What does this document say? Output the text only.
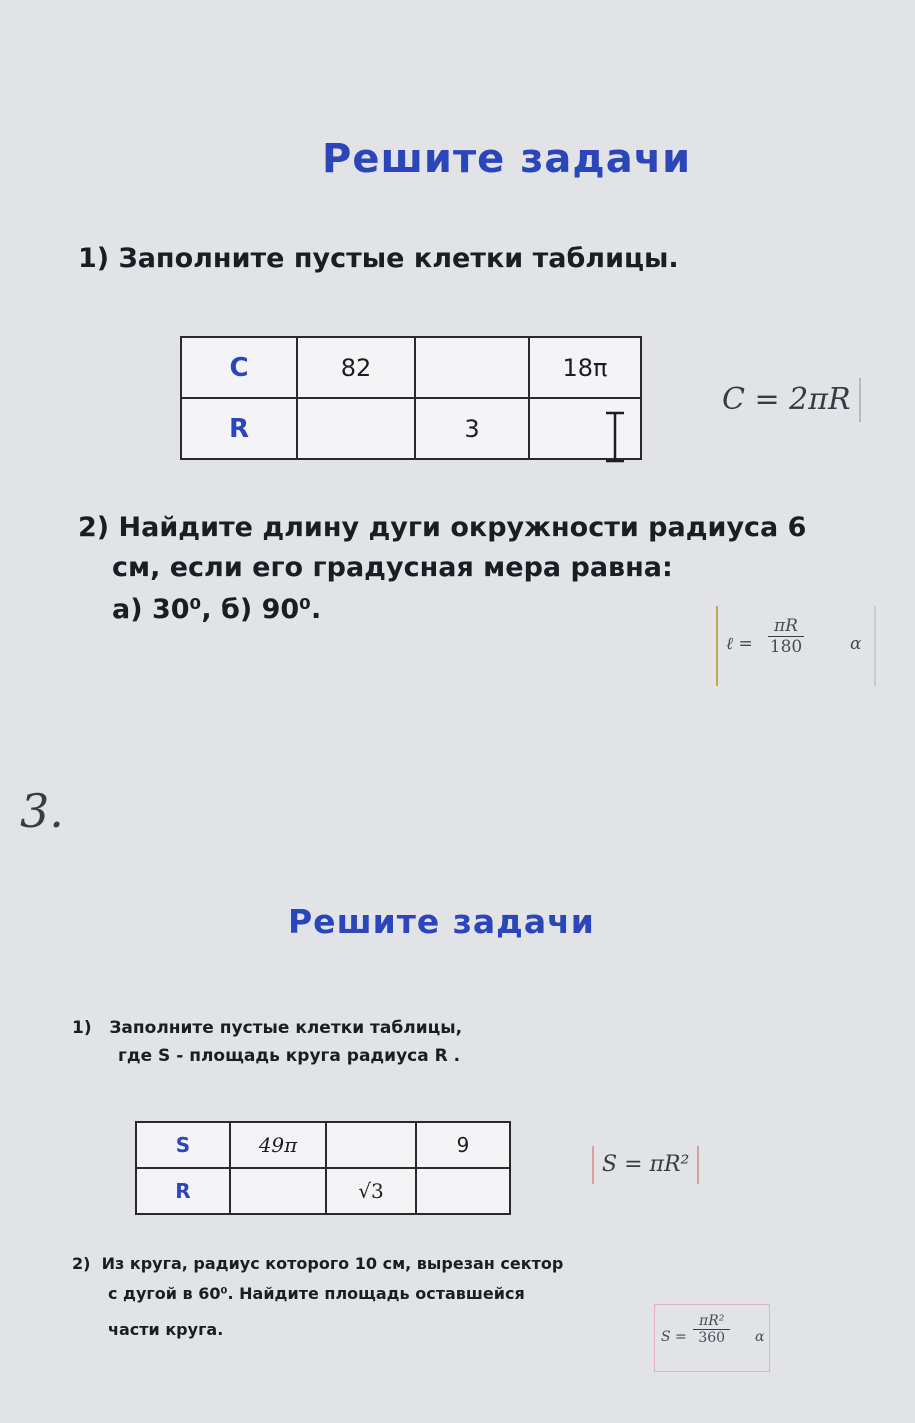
Решите задачи
1) Заполните пустые клетки таблицы.
C	82		18π
R		3	
C = 2πR
2) Найдите длину дуги окружности радиуса 6
см, если его градусная мера равна:
а) 30⁰, б) 90⁰.
ℓ = $\frac{\pi R}{180}$	α
3.
Решите задачи
1)   Заполните пустые клетки таблицы,
где S - площадь круга радиуса R .
S	49π		9
R		√3	
S = πR²
2)  Из круга, радиус которого 10 см, вырезан сектор
с дугой в 60⁰. Найдите площадь оставшейся
части круга.	$S = \frac{\text{πR²}}{360}$ α
